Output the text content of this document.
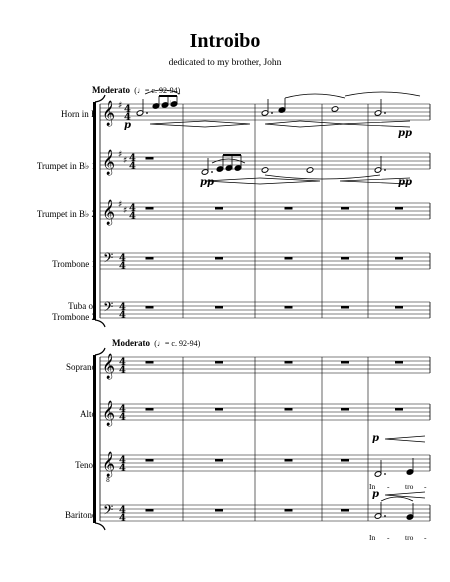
𝄞 ♯ 4
4
𝄞 ♯
♯ 4
4
𝄞 ♯
♯ 4
4
𝄢 4
4
𝄢 4
4
𝄞 4
4
𝄞 4
4
𝄞
8
4
4
𝄢 4
4
♭
p
pp
♮
pp	pp
p
p
Introibo
dedicated to my brother, John
Horn in F
Trumpet in B♭ 1
Trumpet in B♭ 2
Trombone 1
Tuba or
Trombone 2
Soprano
Alto
Tenor
Baritone
Moderato (♩= c. 92-94)
Moderato (♩= c. 92-94)
In - tro -
In - tro -
